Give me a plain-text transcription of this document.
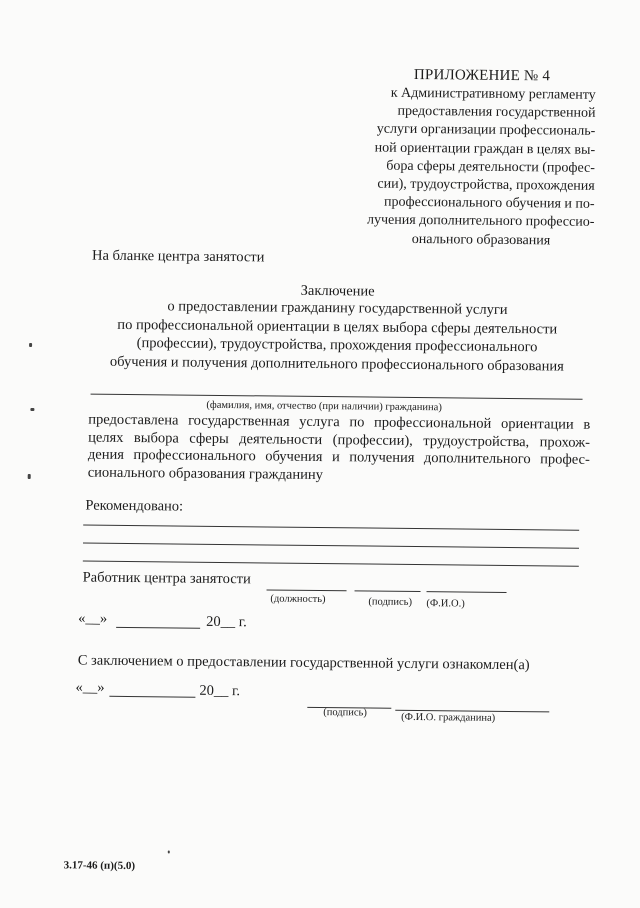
ПРИЛОЖЕНИЕ № 4
к Административному регламенту
предоставления государственной
услуги организации профессиональ-
ной ориентации граждан в целях вы-
бора сферы деятельности (профес-
сии), трудоустройства, прохождения
профессионального обучения и по-
лучения дополнительного профессио-
онального образования
На бланке центра занятости
Заключение
о предоставлении гражданину государственной услуги
по профессиональной ориентации в целях выбора сферы деятельности
(профессии), трудоустройства, прохождения профессионального
обучения и получения дополнительного профессионального образования
(фамилия, имя, отчество (при наличии) гражданина)
предоставлена государственная услуга по профессиональной ориентации в
целях выбора сферы деятельности (профессии), трудоустройства, прохож-
дения профессионального обучения и получения дополнительного профес-
сионального образования гражданину
Рекомендовано:
Работник центра занятости
(должность)	(подпись) (Ф.И.О.)
«__»	20__ г.
С заключением о предоставлении государственной услуги ознакомлен(а)
«__»	20__ г.
(подпись)	(Ф.И.О. гражданина)
3.17-46 (п)(5.0)
